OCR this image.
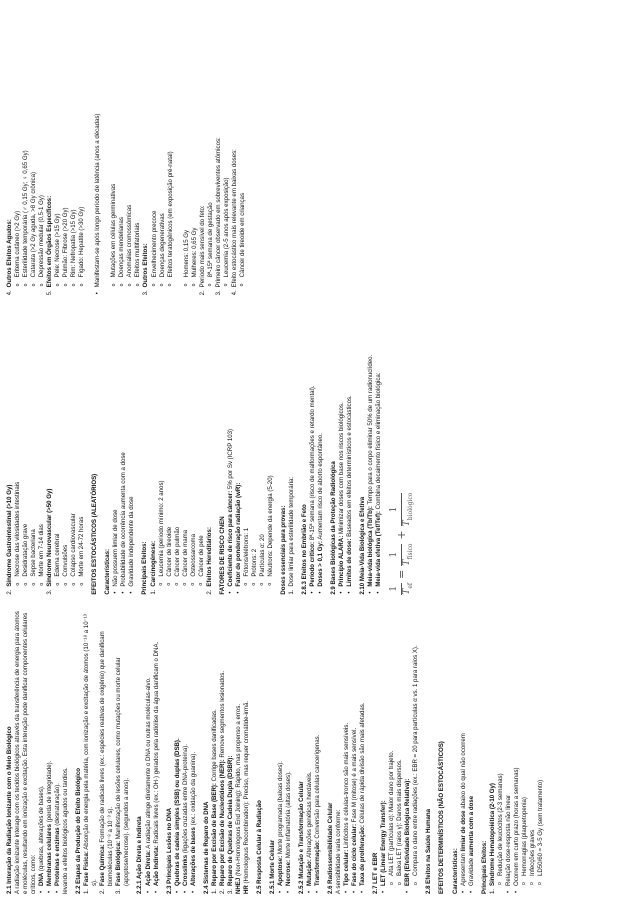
2.1 Interação da Radiação Ionizante com o Meio Biológico A radiação ionizante interage com os tecidos biológicos através da transferência de energia para átomos e moléculas, resultando em ionização e excitação. Esta interação pode danificar componentes celulares críticos, como: • DNA (quebras, alterações de bases). • Membranas celulares (perda de integridade).

• Proteínas e enzimas (desnaturação). levando a efeitos biológicos agudos ou tardios. 2.2 Etapas da Produção do Efeito Biológico 1.
Fase Física: Absorção de energia pela matéria, com ionização e excitação de átomos (10⁻¹⁸ a 10⁻¹³ s).

2.
Fase Química: Formação de radicais livres (ex.: espécies reativas de oxigênio) que danificam biomoléculas (10⁻⁸ a 10⁻³ s).

3.
Fase Biológica: Manifestação de lesões celulares, como mutações ou morte celular (apoptose/necrose). (segundos a anos). 2.2.1 Ação Direta e Indireta • Ação Direta: A radiação atinge diretamente o DNA ou outras moléculas-alvo.

• Ação Indireta: Radicais livres (ex.: OH·) gerados pela radiólise da água danificam o DNA.

2.3 Principais Lesões no DNA • Quebras de cadeia simples (SSB) ou duplas (DSB). • Crosslinks (ligações cruzadas entre DNA-proteína).

• Alterações de bases (ex.: oxidação da guanina).

2.4 Sistemas de Reparo do DNA 1.
Reparo por Excisão de Base (BER): Corrige bases danificadas.

2.
Reparo por Excisão de Nucleotídeos (NER): Remove segmentos lesionados.

3.
Reparo de Quebras de Cadeia Dupla (DSBR): NHEJ (Non-Homologous End Joining): Rápido, mas propenso a erros.

HR (Homologous Recombination): Preciso, mas requer cromátide-irmã. 2.5 Resposta Celular à Radiação 2.5.1 Morte Celular • Apoptose: Morte programada (baixas doses).

• Necrose: Morte inflamatória (altas doses). 2.5.2 Mutação e Transformação Celular • Mutação: Alterações genéticas herdáveis.

• Transformação: Conversão para células cancerígenas.

2.6 Radiossensibilidade Celular A sensibilidade varia conforme: • Tipo celular: Linfócitos e células-tronco são mais sensíveis.

• Fase do ciclo celular: Fase M (mitose) é a mais sensível.

• Taxa de proliferação: Células de rápida divisão são mais afetadas.

2.7 LET e EBR • LET (Linear Energy Transfer): o Alta LET (partículas α): Maior dano por trajeto. o Baixa LET (raios γ): Danos mais dispersos. • EBR (Efetividade Biológica Relativa): o Compara o dano entre radiações (ex.: EBR = 20 para partículas α vs. 1 para raios X). 2.8 Efeitos na Saúde Humana EFEITOS DETERMINÍSTICOS (NÃO ESTOCÁSTICOS) Características: • Apresentam limiar de dose abaixo do qual não ocorrem

• Gravidade aumenta com a dose

Principais Efeitos: 1.
Síndrome Hematopoiética (2-10 Gy) o Redução de leucócitos (2-3 semanas) • Relação dose-resposta não linear • Ocorrem em curto prazo (horas a semanas) o Hemorragias (plaquetopenia) o Infecções graves o LD50/60 ≈ 3-5 Gy (sem tratamento)

2.
Síndrome Gastrointestinal (>10 Gy) o Necrose das vilosidades intestinais o Desidratação grave o Sepse bacteriana o Morte em 7-14 dias

3.
Síndrome Neurovascular (>50 Gy) o Edema cerebral o Convulsões o Colapso cardiovascular o Morte em 24-72 horas EFEITOS ESTOCÁSTICOS (ALEATÓRIOS) Características: • Não possuem limiar de dose • Probabilidade de ocorrência aumenta com a dose • Gravidade independente da dose Principais Efeitos: 1.
Carcinogênese: o Leucemia (período mínimo: 2 anos) o Câncer de tireoide o Câncer de pulmão o Câncer de mama o Osteossarcoma o Câncer de pele

2.
Efeitos Hereditários: FATORES DE RISCO CNEN • Coeficiente de risco para câncer: 5% por Sv (ICRP 103)

• Fator de ponderação radiação (wR): o Fótons/elétrons: 1 o Prótons: 2 o Partículas α: 20 o Nêutrons: Depende da energia (5-20) Doses essenciais para provas: 1.
Dose limiar para esterilidade temporária: 2.8.3 Efeitos no Embrião e Feto • Período crítico: 8ª-15ª semana (risco de malformações e retardo mental).

• Doses > 0,1 Gy: Aumentam risco de aborto espontâneo. 2.9 Bases Biológicas da Proteção Radiológica • Princípio ALARA: Minimizar doses com base nos riscos biológicos.

• Limites de dose: Baseados em efeitos determinísticos e estocásticos.

2.10 Meia-Vida Biológica e Efetiva • Meia-vida biológica (Tb/Tb): Tempo para o corpo eliminar 50% de um radionuclídeo.

• Meia-vida efetiva (Tef/Tef): Combina decaimento físico e eliminação biológica:

1 $T_{ef}$
=
1
$T_{físico}$
+
1
$T_{biológico}$

4.
Outros Efeitos Agudos: o Eritema cutâneo (>2 Gy) o Esterilidade temporária (♂ 0,15 Gy; ♀ 0,65 Gy) o Catarata (>2 Gy aguda, >8 Gy crônica) o Depressão medular (0,5-1 Gy)

5.
Efeitos em Órgãos Específicos: o Pele: Necrose (>15 Gy) o Pulmão: Fibrose (>20 Gy) o Rim: Nefropatia (>15 Gy) o Fígado: Hepatite (>30 Gy) • Manifestam-se após longo período de latência (anos a décadas) o Mutações em células germinativas o Doenças mendelianas o Anomalias cromossômicas o Efeitos multifatoriais

3.
Outros Efeitos: o Envelhecimento precoce o Doenças degenerativas o Efeitos teratogênicos (em exposição pré-natal) o Homens: 0,15 Gy o Mulheres: 0,65 Gy

2.
Período mais sensível do feto: o 8ª-15ª semana de gestação

3.
Primeiro câncer observado em sobreviventes atômicos: o Leucemia (2-5 anos após exposição)

4.
Efeito estocástico mais relevante em baixas doses: o Câncer de tireoide em crianças
